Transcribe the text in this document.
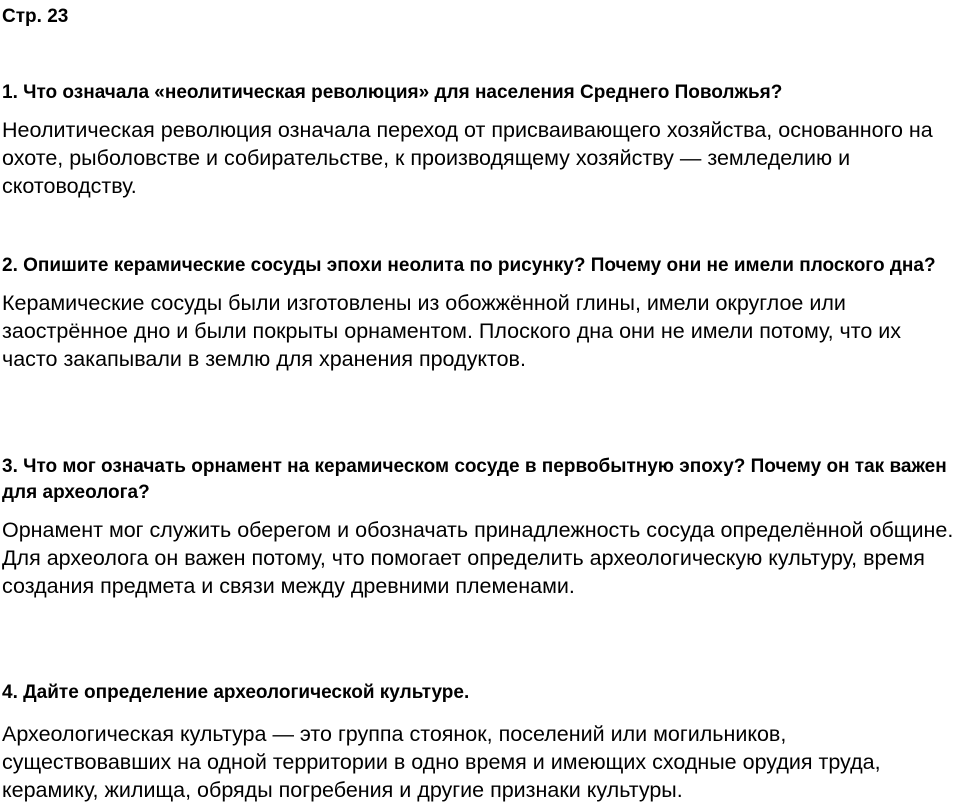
Стр. 23

1. Что означала «неолитическая революция» для населения Среднего Поволжья?

Неолитическая революция означала переход от присваивающего хозяйства, основанного на охоте, рыболовстве и собирательстве, к производящему хозяйству — земледелию и скотоводству.

2. Опишите керамические сосуды эпохи неолита по рисунку? Почему они не имели плоского дна?

Керамические сосуды были изготовлены из обожжённой глины, имели округлое или заострённое дно и были покрыты орнаментом. Плоского дна они не имели потому, что их часто закапывали в землю для хранения продуктов.

3. Что мог означать орнамент на керамическом сосуде в первобытную эпоху? Почему он так важен для археолога?

Орнамент мог служить оберегом и обозначать принадлежность сосуда определённой общине. Для археолога он важен потому, что помогает определить археологическую культуру, время создания предмета и связи между древними племенами.

4. Дайте определение археологической культуре.

Археологическая культура — это группа стоянок, поселений или могильников, существовавших на одной территории в одно время и имеющих сходные орудия труда, керамику, жилища, обряды погребения и другие признаки культуры.
